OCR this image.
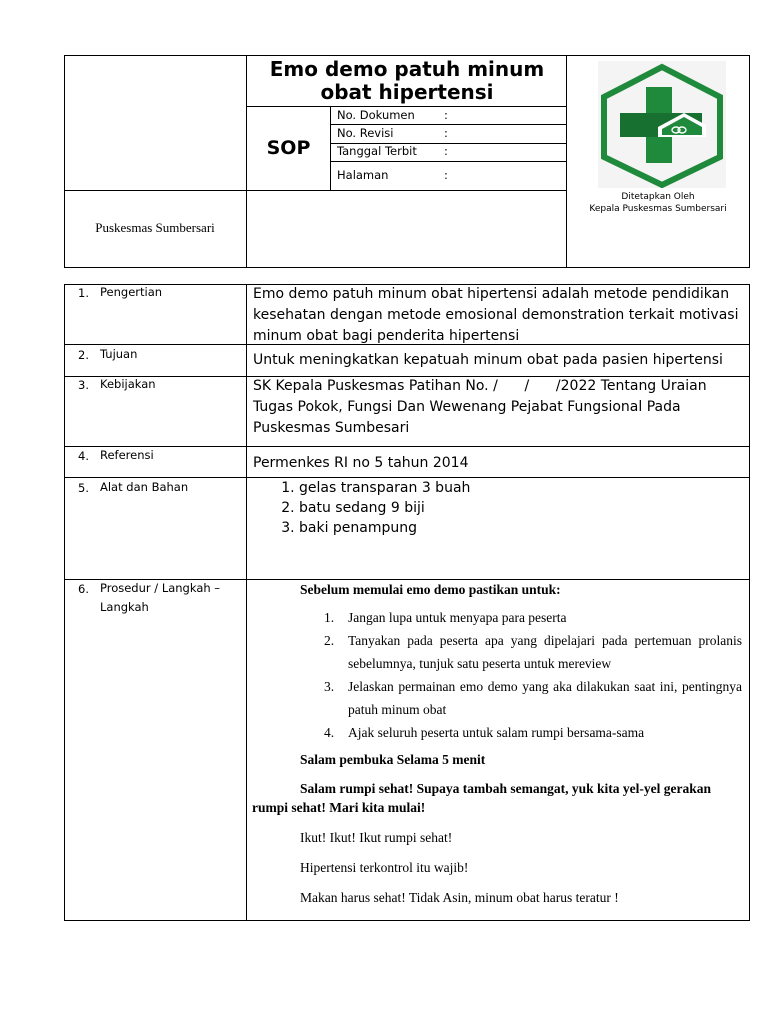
Emo demo patuh minum obat hipertensi
SOP
No. Dokumen	:
No. Revisi	:
Tanggal Terbit :
Halaman	:
Puskesmas Sumbersari
Ditetapkan Oleh
Kepala Puskesmas Sumbersari
1. Pengertian	Emo demo patuh minum obat hipertensi adalah metode pendidikan kesehatan dengan metode emosional demonstration terkait motivasi minum obat bagi penderita hipertensi
2. Tujuan	Untuk meningkatkan kepatuah minum obat pada pasien hipertensi
3. Kebijakan	SK Kepala Puskesmas Patihan No. /      /      /2022 Tentang Uraian Tugas Pokok, Fungsi Dan Wewenang Pejabat Fungsional Pada Puskesmas Sumbesari
4. Referensi	Permenkes RI no 5 tahun 2014
5. Alat dan Bahan
1.	gelas transparan 3 buah
2. batu sedang 9 biji
3. baki penampung
6. Prosedur / Langkah – Langkah
Sebelum memulai emo demo pastikan untuk:
1. Jangan lupa untuk menyapa para peserta
2. Tanyakan pada peserta apa yang dipelajari pada pertemuan prolanis sebelumnya, tunjuk satu peserta untuk mereview
3. Jelaskan permainan emo demo yang aka dilakukan saat ini, pentingnya patuh minum obat
4. Ajak seluruh peserta untuk salam rumpi bersama-sama
Salam pembuka Selama 5 menit
Salam rumpi sehat! Supaya tambah semangat, yuk kita yel-yel gerakan rumpi sehat! Mari kita mulai!
Ikut! Ikut! Ikut rumpi sehat!
Hipertensi terkontrol itu wajib!
Makan harus sehat! Tidak Asin, minum obat harus teratur !
